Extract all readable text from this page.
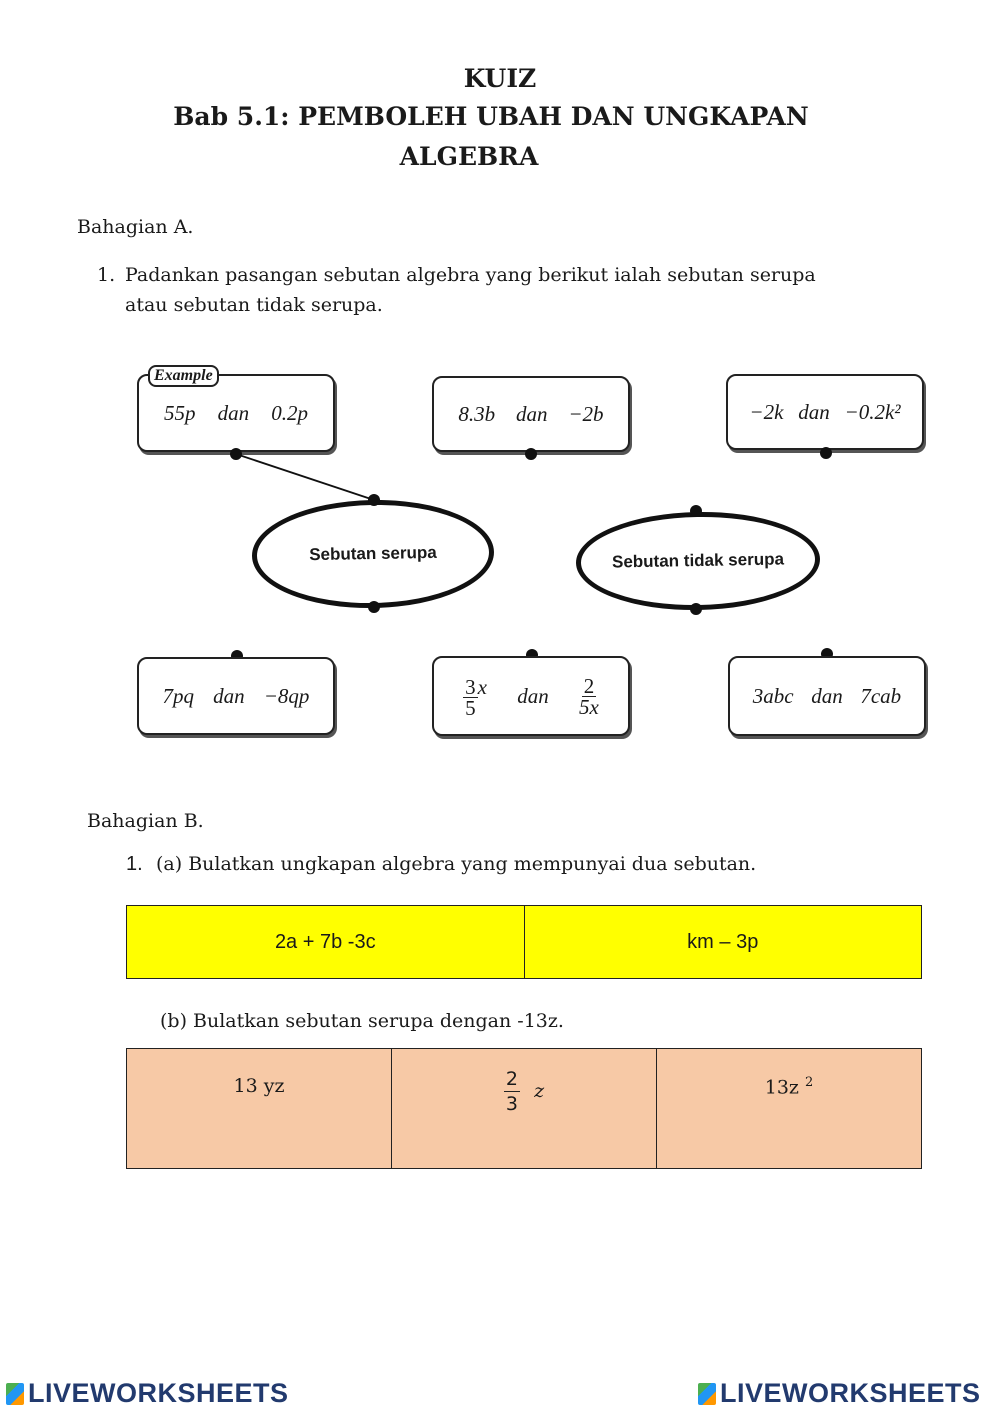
KUIZ
Bab 5.1: PEMBOLEH UBAH DAN UNGKAPAN
ALGEBRA
Bahagian A.
1. Padankan pasangan sebutan algebra yang berikut ialah sebutan serupa
atau sebutan tidak serupa.
55p dan 0.2p
Example
8.3b dan −2b	−2k dan −0.2k²
Sebutan serupa	Sebutan tidak serupa
7pq dan −8qp	$\frac{3}{5}$ x dan $\frac{2}{5x}$	3abc dan 7cab
Bahagian B.
1. (a) Bulatkan ungkapan algebra yang mempunyai dua sebutan.
2a + 7b -3c	km – 3p
(b) Bulatkan sebutan serupa dengan -13z.
13 yz	$\frac{2}{3}$ z	13z $^2$
LIVEWORKSHEETS	LIVEWORKSHEETS
